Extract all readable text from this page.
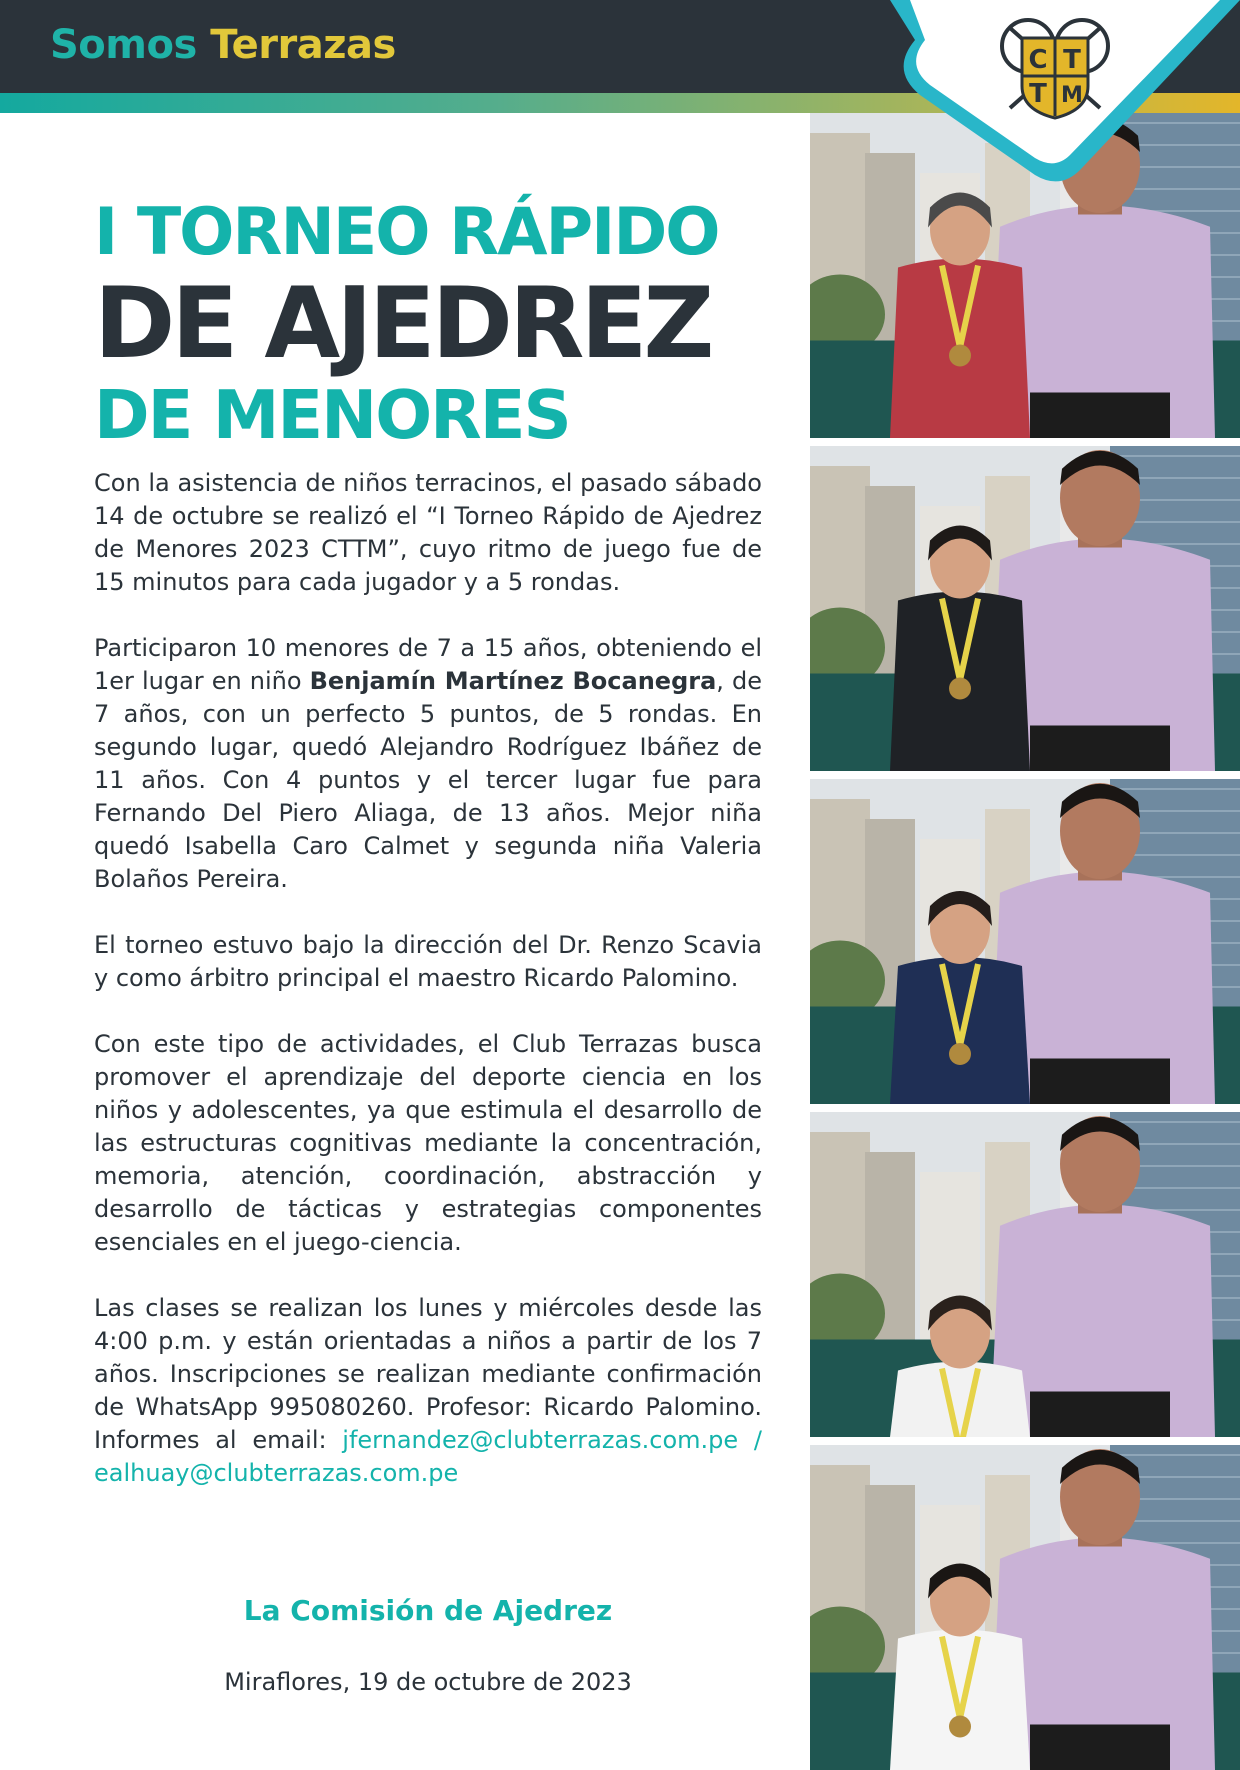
Somos Terrazas	C T
T M
I TORNEO RÁPIDO
DE AJEDREZ
DE MENORES

Con la asistencia de niños terracinos, el pasado sábado 14 de octubre se realizó el “I Torneo Rápido de Ajedrez de Menores 2023 CTTM”, cuyo ritmo de juego fue de 15 minutos para cada jugador y a 5 rondas.

Participaron 10 menores de 7 a 15 años, obteniendo el 1er lugar en niño Benjamín Martínez Bocanegra, de 7 años, con un perfecto 5 puntos, de 5 rondas. En segundo lugar, quedó Alejandro Rodríguez Ibáñez de 11 años. Con 4 puntos y el tercer lugar fue para Fernando Del Piero Aliaga, de 13 años. Mejor niña quedó Isabella Caro Calmet y segunda niña Valeria Bolaños Pereira.

El torneo estuvo bajo la dirección del Dr. Renzo Scavia y como árbitro principal el maestro Ricardo Palomino.

Con este tipo de actividades, el Club Terrazas busca promover el aprendizaje del deporte ciencia en los niños y adolescentes, ya que estimula el desarrollo de las estructuras cognitivas mediante la concentración, memoria, atención, coordinación, abstracción y desarrollo de tácticas y estrategias componentes esenciales en el juego-ciencia.

Las clases se realizan los lunes y miércoles desde las 4:00 p.m. y están orientadas a niños a partir de los 7 años. Inscripciones se realizan mediante confirmación de WhatsApp 995080260. Profesor: Ricardo Palomino. Informes al email: jfernandez@clubterrazas.com.pe / ealhuay@clubterrazas.com.pe

La Comisión de Ajedrez
Miraflores, 19 de octubre de 2023
